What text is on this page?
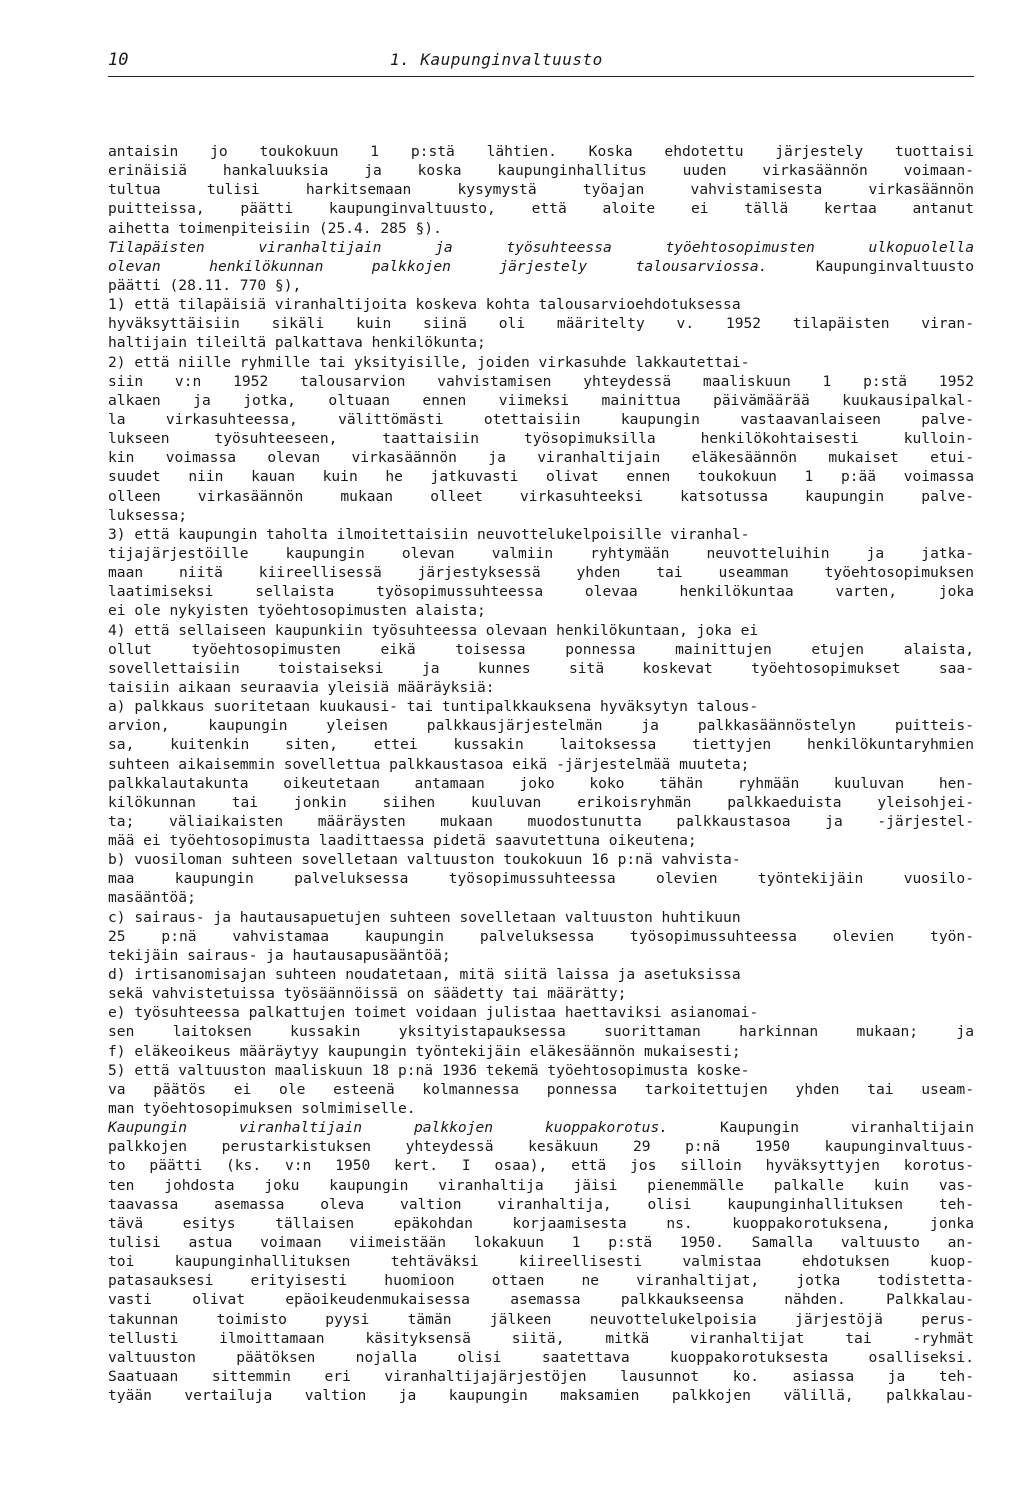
10	1. Kaupunginvaltuusto
antaisin jo toukokuun 1 p:stä lähtien. Koska ehdotettu järjestely tuottaisi
erinäisiä hankaluuksia ja koska kaupunginhallitus uuden virkasäännön voimaan-
tultua tulisi harkitsemaan kysymystä työajan vahvistamisesta virkasäännön
puitteissa, päätti kaupunginvaltuusto, että aloite ei tällä kertaa antanut
aihetta toimenpiteisiin (25.4. 285 §).
Tilapäisten viranhaltijain ja työsuhteessa työehtosopimusten ulkopuolella
olevan henkilökunnan palkkojen järjestely talousarviossa. Kaupunginvaltuusto
päätti (28.11. 770 §),
1) että tilapäisiä viranhaltijoita koskeva kohta talousarvioehdotuksessa
hyväksyttäisiin sikäli kuin siinä oli määritelty v. 1952 tilapäisten viran-
haltijain tileiltä palkattava henkilökunta;
2) että niille ryhmille tai yksityisille, joiden virkasuhde lakkautettai-
siin v:n 1952 talousarvion vahvistamisen yhteydessä maaliskuun 1 p:stä 1952
alkaen ja jotka, oltuaan ennen viimeksi mainittua päivämäärää kuukausipalkal-
la virkasuhteessa, välittömästi otettaisiin kaupungin vastaavanlaiseen palve-
lukseen työsuhteeseen, taattaisiin työsopimuksilla henkilökohtaisesti kulloin-
kin voimassa olevan virkasäännön ja viranhaltijain eläkesäännön mukaiset etui-
suudet niin kauan kuin he jatkuvasti olivat ennen toukokuun 1 p:ää voimassa
olleen virkasäännön mukaan olleet virkasuhteeksi katsotussa kaupungin palve-
luksessa;
3) että kaupungin taholta ilmoitettaisiin neuvottelukelpoisille viranhal-
tijajärjestöille kaupungin olevan valmiin ryhtymään neuvotteluihin ja jatka-
maan niitä kiireellisessä järjestyksessä yhden tai useamman työehtosopimuksen
laatimiseksi sellaista työsopimussuhteessa olevaa henkilökuntaa varten, joka
ei ole nykyisten työehtosopimusten alaista;
4) että sellaiseen kaupunkiin työsuhteessa olevaan henkilökuntaan, joka ei
ollut työehtosopimusten eikä toisessa ponnessa mainittujen etujen alaista,
sovellettaisiin toistaiseksi ja kunnes sitä koskevat työehtosopimukset saa-
taisiin aikaan seuraavia yleisiä määräyksiä:
a) palkkaus suoritetaan kuukausi- tai tuntipalkkauksena hyväksytyn talous-
arvion, kaupungin yleisen palkkausjärjestelmän ja palkkasäännöstelyn puitteis-
sa, kuitenkin siten, ettei kussakin laitoksessa tiettyjen henkilökuntaryhmien
suhteen aikaisemmin sovellettua palkkaustasoa eikä -järjestelmää muuteta;
palkkalautakunta oikeutetaan antamaan joko koko tähän ryhmään kuuluvan hen-
kilökunnan tai jonkin siihen kuuluvan erikoisryhmän palkkaeduista yleisohjei-
ta; väliaikaisten määräysten mukaan muodostunutta palkkaustasoa ja -järjestel-
mää ei työehtosopimusta laadittaessa pidetä saavutettuna oikeutena;
b) vuosiloman suhteen sovelletaan valtuuston toukokuun 16 p:nä vahvista-
maa kaupungin palveluksessa työsopimussuhteessa olevien työntekijäin vuosilo-
masääntöä;
c) sairaus- ja hautausapuetujen suhteen sovelletaan valtuuston huhtikuun
25 p:nä vahvistamaa kaupungin palveluksessa työsopimussuhteessa olevien työn-
tekijäin sairaus- ja hautausapusääntöä;
d) irtisanomisajan suhteen noudatetaan, mitä siitä laissa ja asetuksissa
sekä vahvistetuissa työsäännöissä on säädetty tai määrätty;
e) työsuhteessa palkattujen toimet voidaan julistaa haettaviksi asianomai-
sen laitoksen kussakin yksityistapauksessa suorittaman harkinnan mukaan; ja
f) eläkeoikeus määräytyy kaupungin työntekijäin eläkesäännön mukaisesti;
5) että valtuuston maaliskuun 18 p:nä 1936 tekemä työehtosopimusta koske-
va päätös ei ole esteenä kolmannessa ponnessa tarkoitettujen yhden tai useam-
man työehtosopimuksen solmimiselle.
Kaupungin viranhaltijain palkkojen kuoppakorotus. Kaupungin viranhaltijain
palkkojen perustarkistuksen yhteydessä kesäkuun 29 p:nä 1950 kaupunginvaltuus-
to päätti (ks. v:n 1950 kert. I osaa), että jos silloin hyväksyttyjen korotus-
ten johdosta joku kaupungin viranhaltija jäisi pienemmälle palkalle kuin vas-
taavassa asemassa oleva valtion viranhaltija, olisi kaupunginhallituksen teh-
tävä esitys tällaisen epäkohdan korjaamisesta ns. kuoppakorotuksena, jonka
tulisi astua voimaan viimeistään lokakuun 1 p:stä 1950. Samalla valtuusto an-
toi kaupunginhallituksen tehtäväksi kiireellisesti valmistaa ehdotuksen kuop-
patasauksesi erityisesti huomioon ottaen ne viranhaltijat, jotka todistetta-
vasti olivat epäoikeudenmukaisessa asemassa palkkaukseensa nähden. Palkkalau-
takunnan toimisto pyysi tämän jälkeen neuvottelukelpoisia järjestöjä perus-
tellusti ilmoittamaan käsityksensä siitä, mitkä viranhaltijat tai -ryhmät
valtuuston päätöksen nojalla olisi saatettava kuoppakorotuksesta osalliseksi.
Saatuaan sittemmin eri viranhaltijajärjestöjen lausunnot ko. asiassa ja teh-
tyään vertailuja valtion ja kaupungin maksamien palkkojen välillä, palkkalau-
